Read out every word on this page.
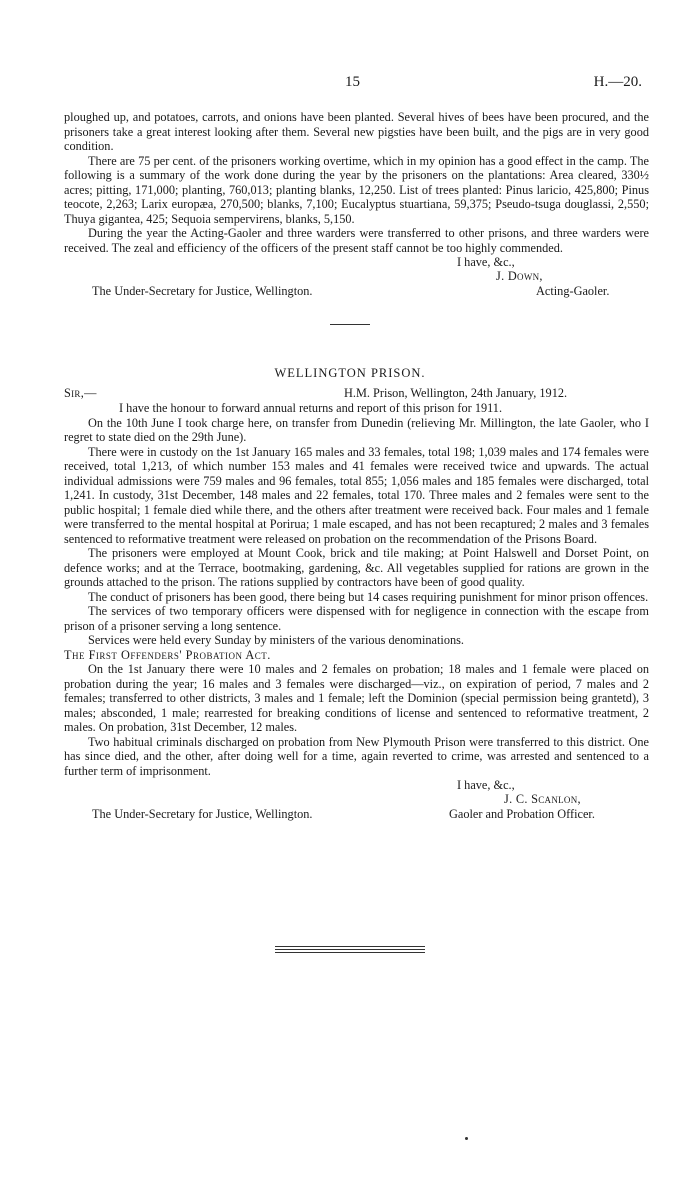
15	H.—20.

ploughed up, and potatoes, carrots, and onions have been planted. Several hives of bees have been procured, and the prisoners take a great interest looking after them. Several new pigsties have been built, and the pigs are in very good condition.

There are 75 per cent. of the prisoners working overtime, which in my opinion has a good effect in the camp. The following is a summary of the work done during the year by the prisoners on the plantations: Area cleared, 330½ acres; pitting, 171,000; planting, 760,013; planting blanks, 12,250. List of trees planted: Pinus laricio, 425,800; Pinus teocote, 2,263; Larix europæa, 270,500; blanks, 7,100; Eucalyptus stuartiana, 59,375; Pseudo-tsuga douglassi, 2,550; Thuya gigantea, 425; Sequoia sempervirens, blanks, 5,150.

During the year the Acting-Gaoler and three warders were transferred to other prisons, and three warders were received. The zeal and efficiency of the officers of the present staff cannot be too highly commended.

I have, &c.,
J. Down,
The Under-Secretary for Justice, Wellington.	Acting-Gaoler.
WELLINGTON PRISON.
Sir,—	H.M. Prison, Wellington, 24th January, 1912.

I have the honour to forward annual returns and report of this prison for 1911.

On the 10th June I took charge here, on transfer from Dunedin (relieving Mr. Millington, the late Gaoler, who I regret to state died on the 29th June).

There were in custody on the 1st January 165 males and 33 females, total 198; 1,039 males and 174 females were received, total 1,213, of which number 153 males and 41 females were received twice and upwards. The actual individual admissions were 759 males and 96 females, total 855; 1,056 males and 185 females were discharged, total 1,241. In custody, 31st December, 148 males and 22 females, total 170. Three males and 2 females were sent to the public hospital; 1 female died while there, and the others after treatment were received back. Four males and 1 female were transferred to the mental hospital at Porirua; 1 male escaped, and has not been recaptured; 2 males and 3 females sentenced to reformative treatment were released on probation on the recommendation of the Prisons Board.

The prisoners were employed at Mount Cook, brick and tile making; at Point Halswell and Dorset Point, on defence works; and at the Terrace, bootmaking, gardening, &c. All vegetables supplied for rations are grown in the grounds attached to the prison. The rations supplied by contractors have been of good quality.

The conduct of prisoners has been good, there being but 14 cases requiring punishment for minor prison offences.

The services of two temporary officers were dispensed with for negligence in connection with the escape from prison of a prisoner serving a long sentence.

Services were held every Sunday by ministers of the various denominations.

The First Offenders' Probation Act.

On the 1st January there were 10 males and 2 females on probation; 18 males and 1 female were placed on probation during the year; 16 males and 3 females were discharged—viz., on expiration of period, 7 males and 2 females; transferred to other districts, 3 males and 1 female; left the Dominion (special permission being grantetd), 3 males; absconded, 1 male; rearrested for breaking conditions of license and sentenced to reformative treatment, 2 males. On probation, 31st December, 12 males.

Two habitual criminals discharged on probation from New Plymouth Prison were transferred to this district. One has since died, and the other, after doing well for a time, again reverted to crime, was arrested and sentenced to a further term of imprisonment.

I have, &c.,
J. C. Scanlon,
The Under-Secretary for Justice, Wellington.	Gaoler and Probation Officer.
